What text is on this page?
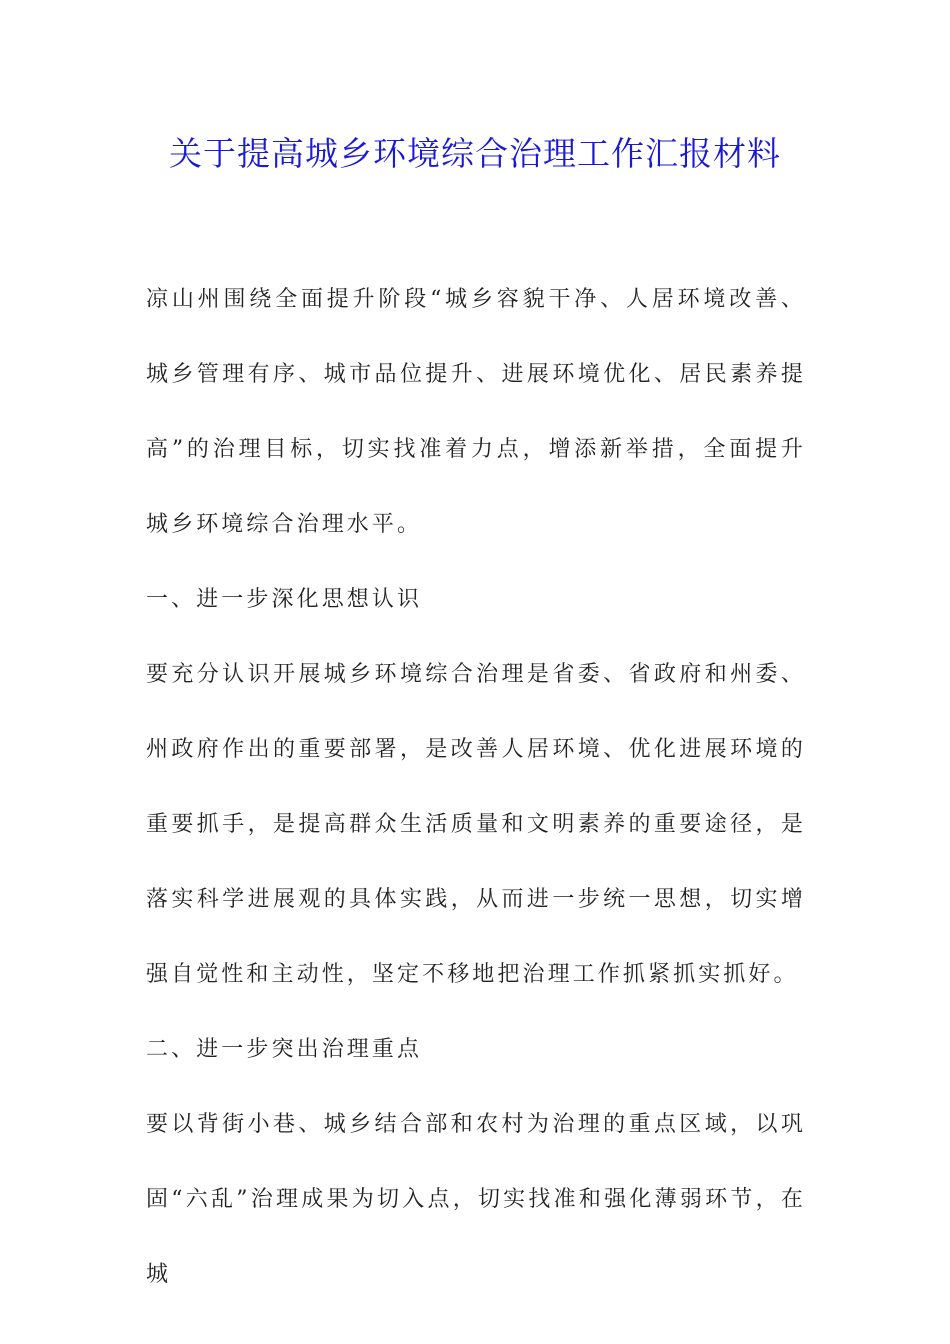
关于提高城乡环境综合治理工作汇报材料

凉山州围绕全面提升阶段“城乡容貌干净、人居环境改善、城乡管理有序、城市品位提升、进展环境优化、居民素养提高”的治理目标，切实找准着力点，增添新举措，全面提升城乡环境综合治理水平。

一、进一步深化思想认识

要充分认识开展城乡环境综合治理是省委、省政府和州委、州政府作出的重要部署，是改善人居环境、优化进展环境的重要抓手，是提高群众生活质量和文明素养的重要途径，是落实科学进展观的具体实践，从而进一步统一思想，切实增强自觉性和主动性，坚定不移地把治理工作抓紧抓实抓好。

二、进一步突出治理重点

要以背街小巷、城乡结合部和农村为治理的重点区域，以巩固“六乱”治理成果为切入点，切实找准和强化薄弱环节，在城
